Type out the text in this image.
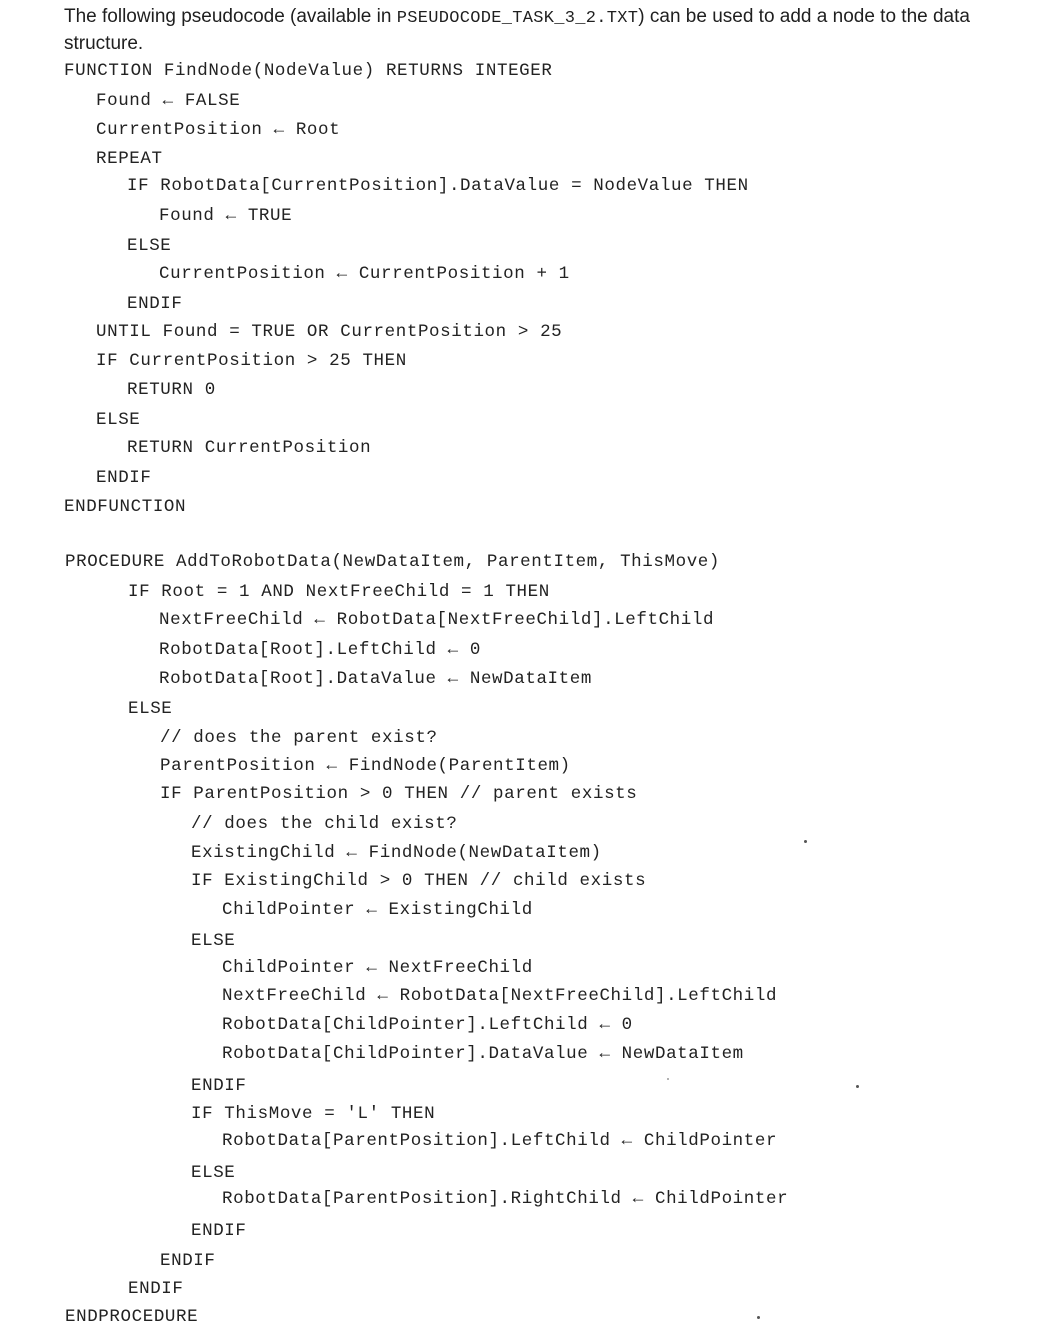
The following pseudocode (available in PSEUDOCODE_TASK_3_2.TXT) can be used to add a node to the data structure.
FUNCTION FindNode(NodeValue) RETURNS INTEGER
Found ← FALSE
CurrentPosition ← Root
REPEAT
IF RobotData[CurrentPosition].DataValue = NodeValue THEN
Found ← TRUE
ELSE
CurrentPosition ← CurrentPosition + 1
ENDIF
UNTIL Found = TRUE OR CurrentPosition > 25
IF CurrentPosition > 25 THEN
RETURN 0
ELSE
RETURN CurrentPosition
ENDIF
ENDFUNCTION
PROCEDURE AddToRobotData(NewDataItem, ParentItem, ThisMove)
IF Root = 1 AND NextFreeChild = 1 THEN
NextFreeChild ← RobotData[NextFreeChild].LeftChild
RobotData[Root].LeftChild ← 0
RobotData[Root].DataValue ← NewDataItem
ELSE
// does the parent exist?
ParentPosition ← FindNode(ParentItem)
IF ParentPosition > 0 THEN // parent exists
// does the child exist?
ExistingChild ← FindNode(NewDataItem)
IF ExistingChild > 0 THEN // child exists
ChildPointer ← ExistingChild
ELSE
ChildPointer ← NextFreeChild
NextFreeChild ← RobotData[NextFreeChild].LeftChild
RobotData[ChildPointer].LeftChild ← 0
RobotData[ChildPointer].DataValue ← NewDataItem
ENDIF
IF ThisMove = 'L' THEN
RobotData[ParentPosition].LeftChild ← ChildPointer
ELSE
RobotData[ParentPosition].RightChild ← ChildPointer
ENDIF
ENDIF
ENDIF
ENDPROCEDURE
